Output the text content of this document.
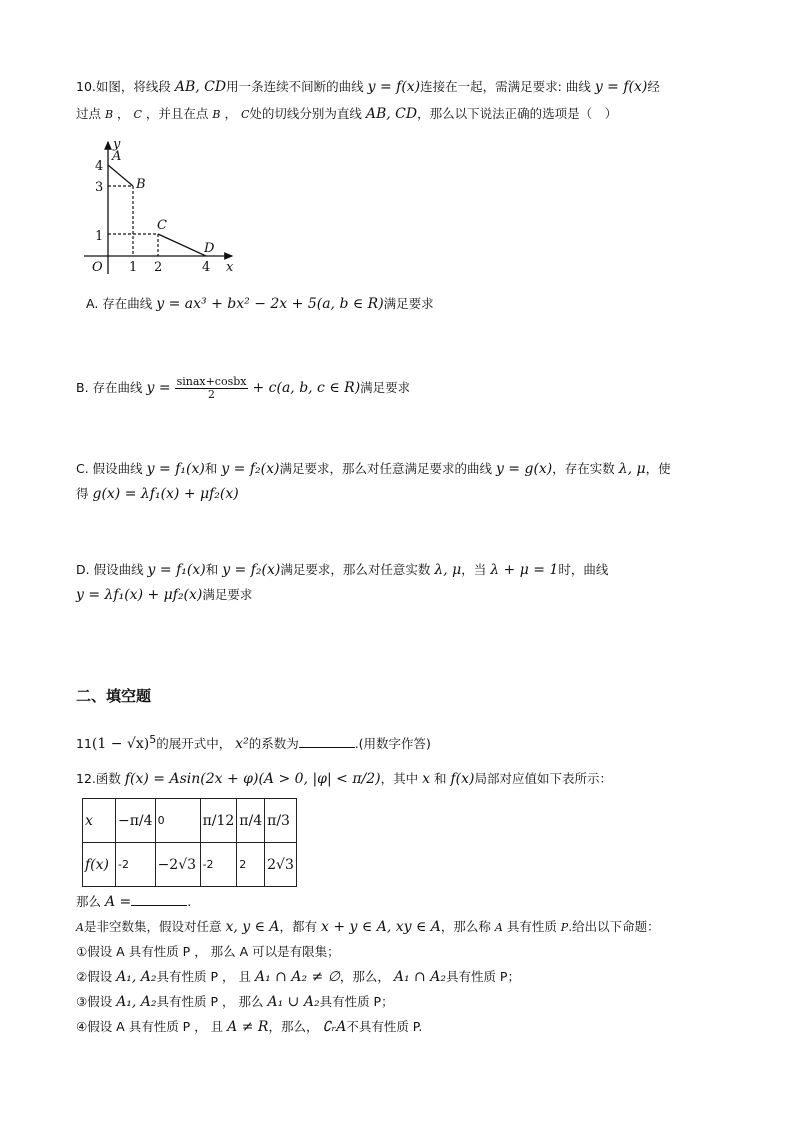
10.如图，将线段 AB, CD用一条连续不间断的曲线 y = f(x)连接在一起，需满足要求: 曲线 y = f(x)经
过点 B ， C ，并且在点 B ， C处的切线分别为直线 AB, CD，那么以下说法正确的选项是（　）
y
x
O
A
B
C
D
4
3
1
1 2	4
A. 存在曲线 y = ax³ + bx² − 2x + 5(a, b ∈ R)满足要求
B. 存在曲线 $y = \frac{\text{sinax+cosbx}}{2} + c(a$, b, c ∈ R)满足要求
C. 假设曲线 y = f₁(x)和 y = f₂(x)满足要求，那么对任意满足要求的曲线 y = g(x)，存在实数 λ, μ，使
得 g(x) = λf₁(x) + μf₂(x)
D. 假设曲线 y = f₁(x)和 y = f₂(x)满足要求，那么对任意实数 λ, μ，当 λ + μ = 1时，曲线
y = λf₁(x) + μf₂(x)满足要求
二、填空题
$11(1 - √x)^5$的展开式中， x²的系数为	.(用数字作答)
12.函数 f(x) = Asin(2x + φ)(A > 0, |φ| < π/2)，其中 x 和 f(x)局部对应值如下表所示：
x	−π/4	0	π/12	π/4	π/3
f(x)	-2	−2√3	-2	2	2√3
那么 A =	.
A是非空数集，假设对任意 x, y ∈ A，都有 x + y ∈ A, xy ∈ A，那么称 A 具有性质 P.给出以下命题：
①假设 A 具有性质 P ， 那么 A 可以是有限集；
②假设 A₁, A₂具有性质 P ， 且 A₁ ∩ A₂ ≠ ∅，那么， A₁ ∩ A₂具有性质 P；
③假设 A₁, A₂具有性质 P ， 那么 A₁ ∪ A₂具有性质 P；
④假设 A 具有性质 P ， 且 A ≠ R，那么， ∁ᵣA不具有性质 P.
